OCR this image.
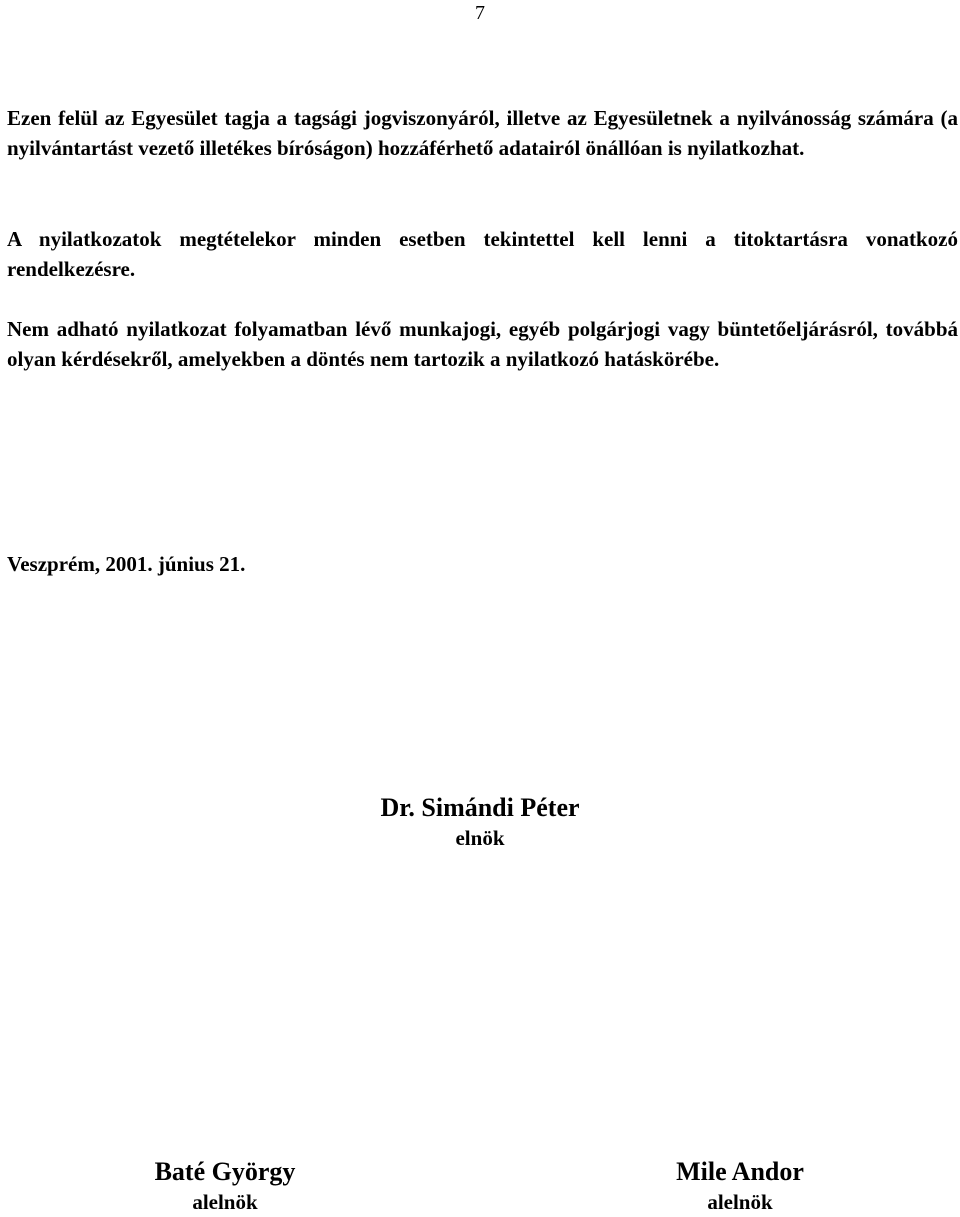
7

Ezen felül az Egyesület tagja a tagsági jogviszonyáról, illetve az Egyesületnek a nyilvánosság számára (a nyilvántartást vezető illetékes bíróságon) hozzáférhető adatairól önállóan is nyilatkozhat.

A nyilatkozatok megtételekor minden esetben tekintettel kell lenni a titoktartásra vonatkozó rendelkezésre.

Nem adható nyilatkozat folyamatban lévő munkajogi, egyéb polgárjogi vagy büntetőeljárásról, továbbá olyan kérdésekről, amelyekben a döntés nem tartozik a nyilatkozó hatáskörébe.

Veszprém, 2001. június 21.
Dr. Simándi Péter
elnök
Baté György
alelnök
Mile Andor
alelnök
